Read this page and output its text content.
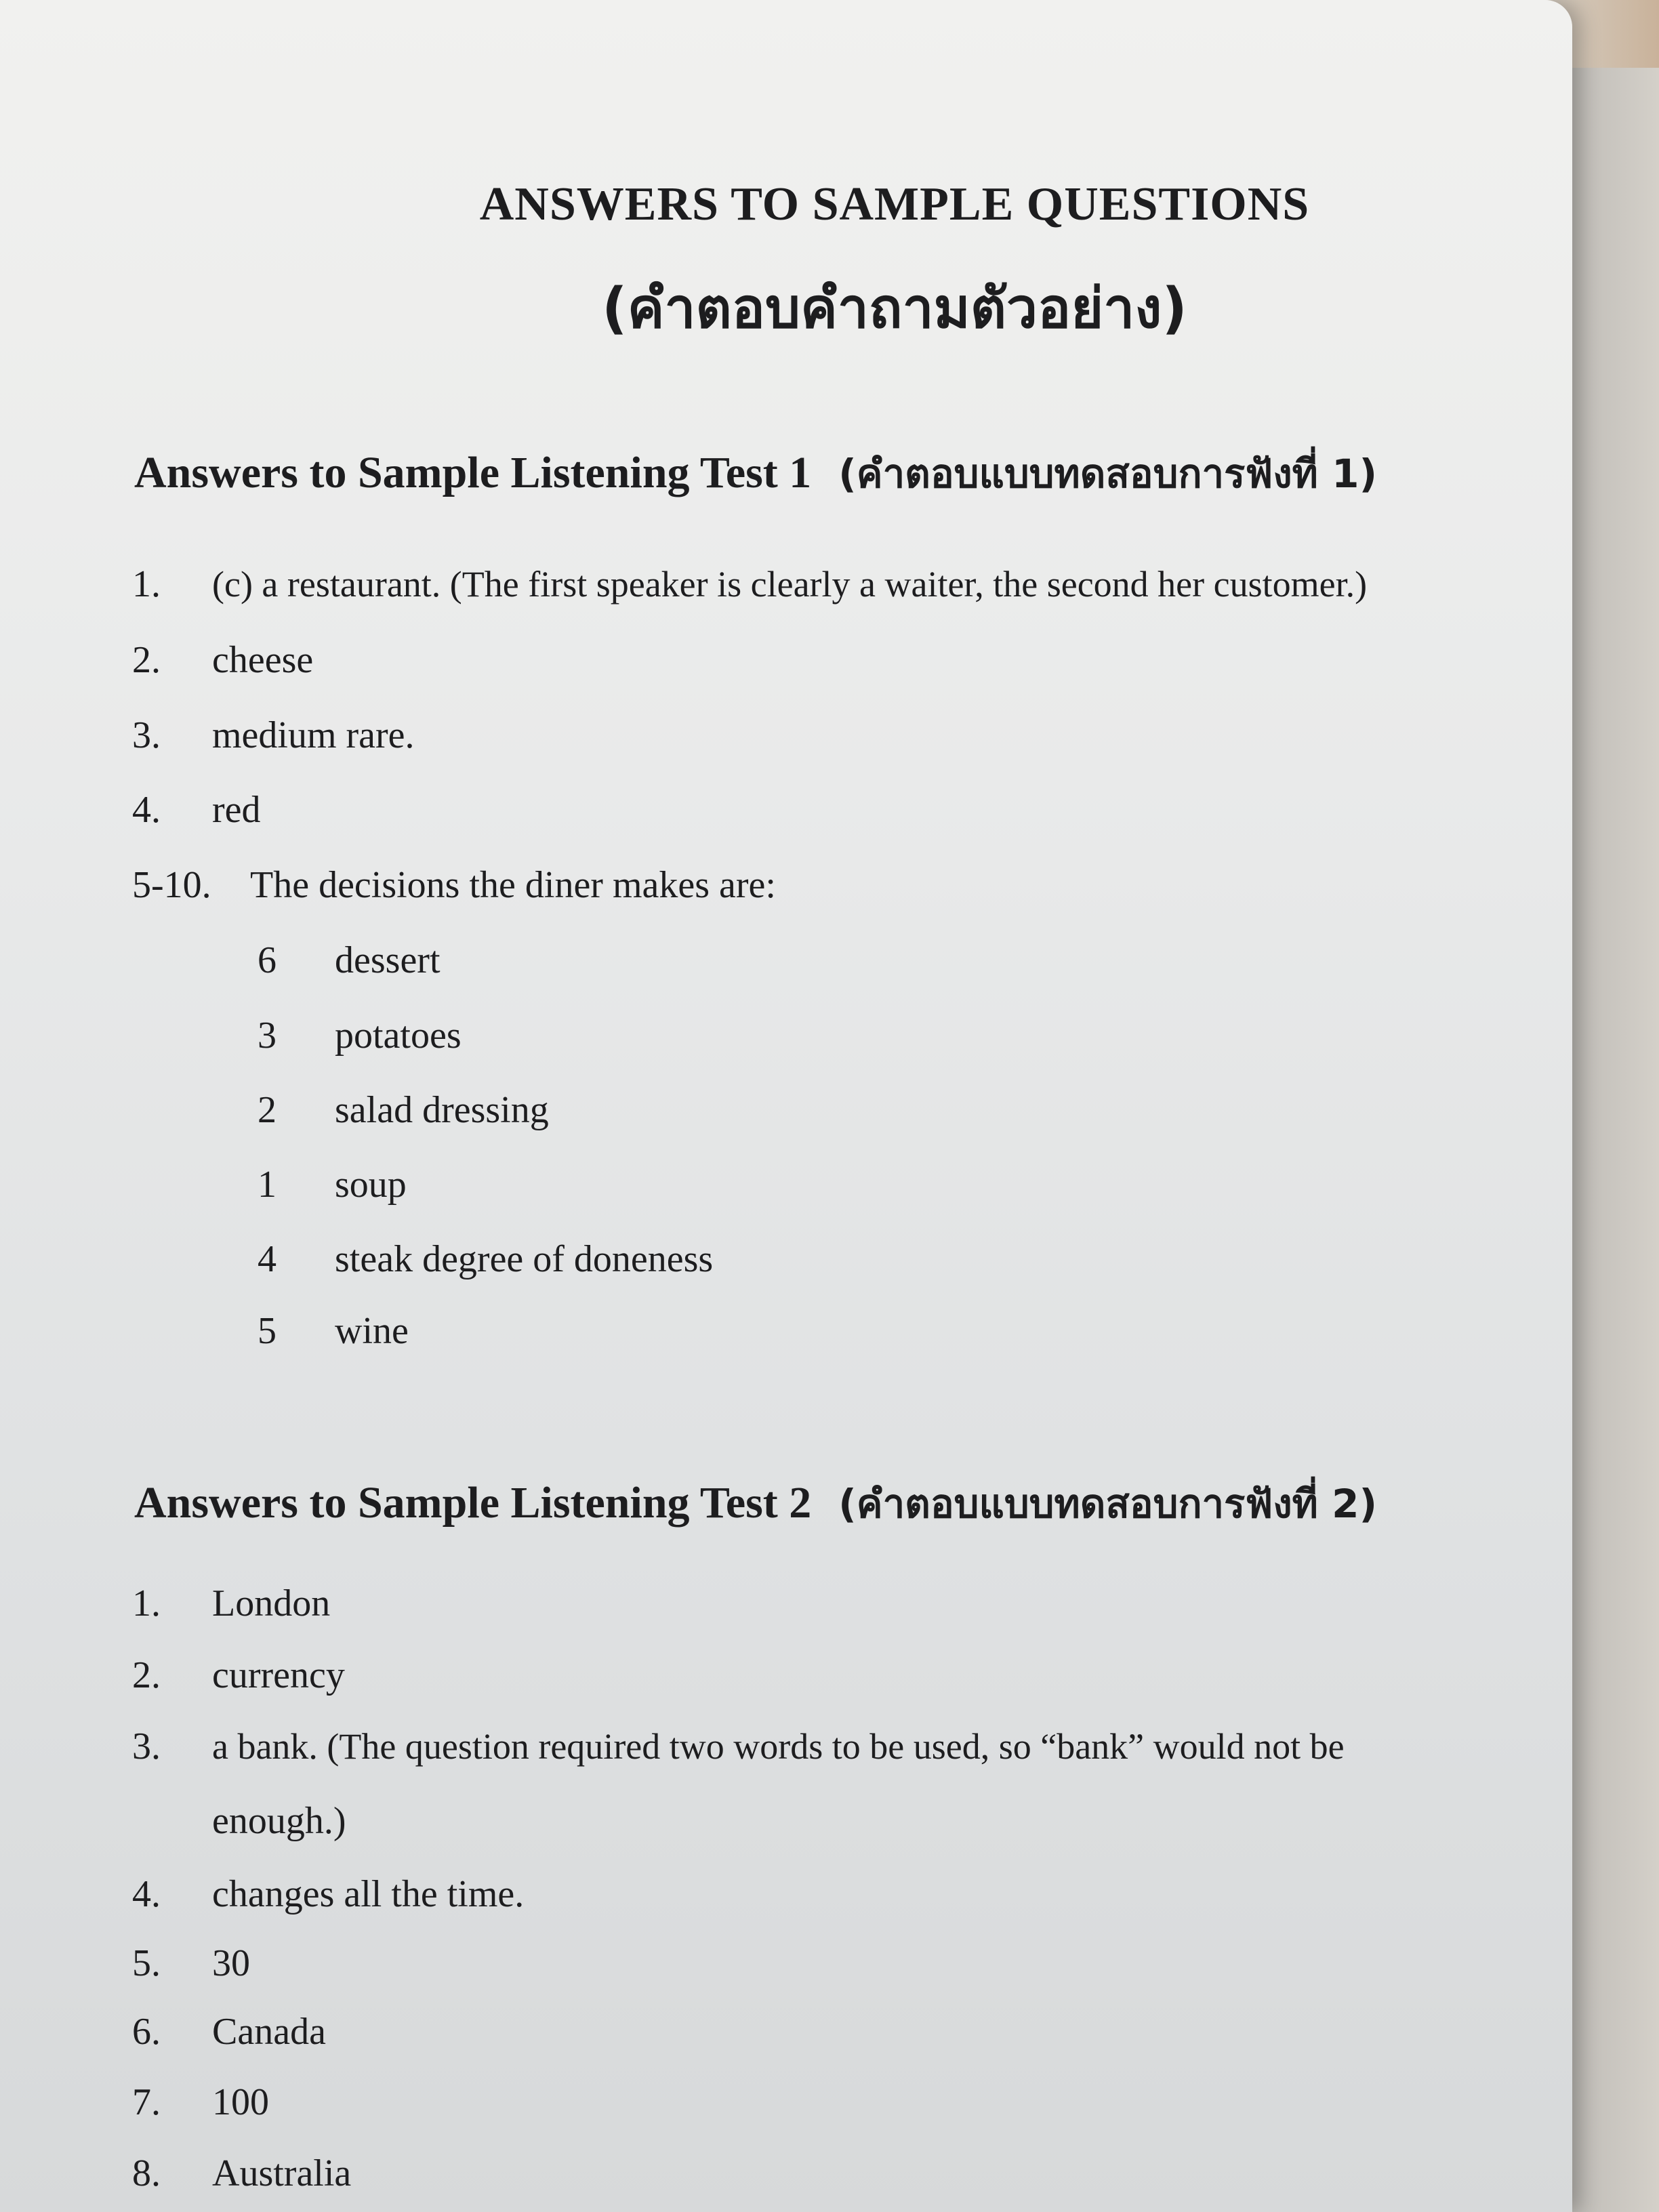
ANSWERS TO SAMPLE QUESTIONS
(คำตอบคำถามตัวอย่าง)
Answers to Sample Listening Test 1 (คำตอบแบบทดสอบการฟังที่ 1)
1. (c) a restaurant. (The first speaker is clearly a waiter, the second her customer.)
2. cheese
3. medium rare.
4. red
5-10. The decisions the diner makes are:
6 dessert
3 potatoes
2 salad dressing
1 soup
4 steak degree of doneness
5 wine
Answers to Sample Listening Test 2 (คำตอบแบบทดสอบการฟังที่ 2)
1. London
2. currency
3. a bank. (The question required two words to be used, so “bank” would not be
enough.)
4. changes all the time.
5. 30
6. Canada
7. 100
8. Australia
